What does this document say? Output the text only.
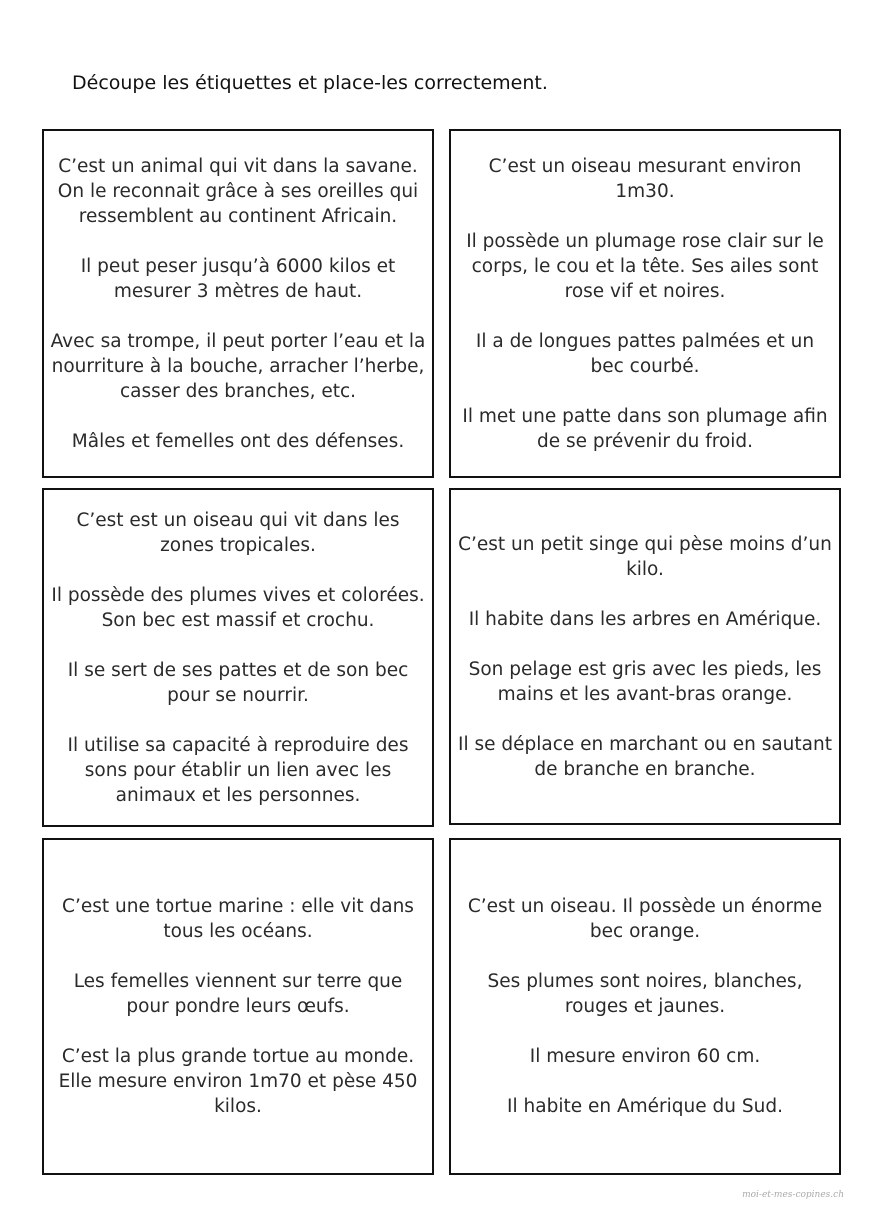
Découpe les étiquettes et place-les correctement.

C’est un animal qui vit dans la savane. On le reconnait grâce à ses oreilles qui ressemblent au continent Africain.

Il peut peser jusqu’à 6000 kilos et mesurer 3 mètres de haut.

Avec sa trompe, il peut porter l’eau et la nourriture à la bouche, arracher l’herbe, casser des branches, etc.

Mâles et femelles ont des défenses.

C’est un oiseau mesurant environ 1m30.

Il possède un plumage rose clair sur le corps, le cou et la tête. Ses ailes sont rose vif et noires.

Il a de longues pattes palmées et un bec courbé.

Il met une patte dans son plumage afin de se prévenir du froid.

C’est est un oiseau qui vit dans les zones tropicales.

Il possède des plumes vives et colorées. Son bec est massif et crochu.

Il se sert de ses pattes et de son bec pour se nourrir.

Il utilise sa capacité à reproduire des sons pour établir un lien avec les animaux et les personnes.

C’est un petit singe qui pèse moins d’un kilo.

Il habite dans les arbres en Amérique.

Son pelage est gris avec les pieds, les mains et les avant-bras orange.

Il se déplace en marchant ou en sautant de branche en branche.

C’est une tortue marine : elle vit dans tous les océans.

Les femelles viennent sur terre que pour pondre leurs œufs.

C’est la plus grande tortue au monde. Elle mesure environ 1m70 et pèse 450 kilos.

C’est un oiseau. Il possède un énorme bec orange.

Ses plumes sont noires, blanches, rouges et jaunes.

Il mesure environ 60 cm.

Il habite en Amérique du Sud.

moi-et-mes-copines.ch
